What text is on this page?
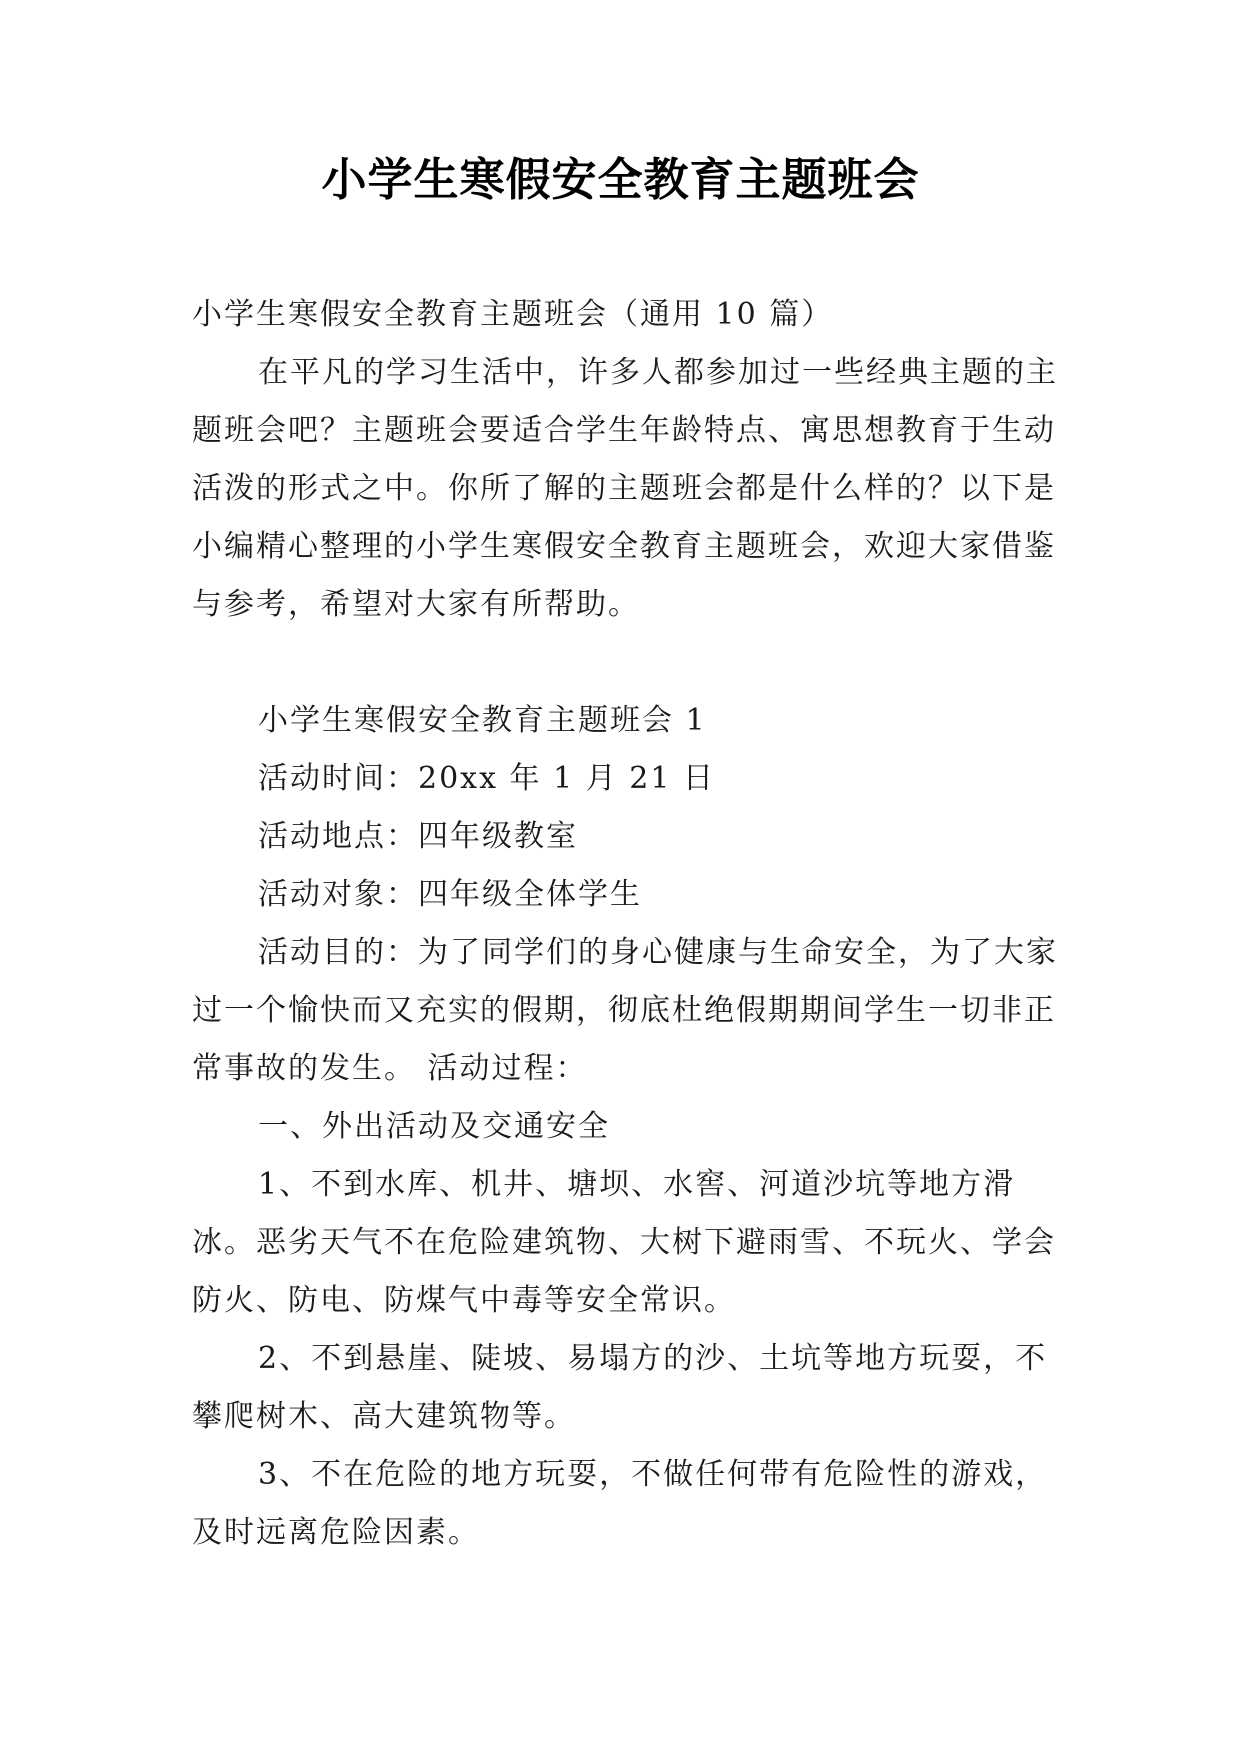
小学生寒假安全教育主题班会

小学生寒假安全教育主题班会（通用 10 篇）

在平凡的学习生活中，许多人都参加过一些经典主题的主题班会吧？主题班会要适合学生年龄特点、寓思想教育于生动活泼的形式之中。你所了解的主题班会都是什么样的？以下是小编精心整理的小学生寒假安全教育主题班会，欢迎大家借鉴与参考，希望对大家有所帮助。

小学生寒假安全教育主题班会 1

活动时间：20xx 年 1 月 21 日

活动地点：四年级教室

活动对象：四年级全体学生

活动目的：为了同学们的身心健康与生命安全，为了大家过一个愉快而又充实的假期，彻底杜绝假期期间学生一切非正常事故的发生。 活动过程：

一、外出活动及交通安全

1、不到水库、机井、塘坝、水窖、河道沙坑等地方滑冰。恶劣天气不在危险建筑物、大树下避雨雪、不玩火、学会防火、防电、防煤气中毒等安全常识。

2、不到悬崖、陡坡、易塌方的沙、土坑等地方玩耍，不攀爬树木、高大建筑物等。

3、不在危险的地方玩耍，不做任何带有危险性的游戏，及时远离危险因素。
